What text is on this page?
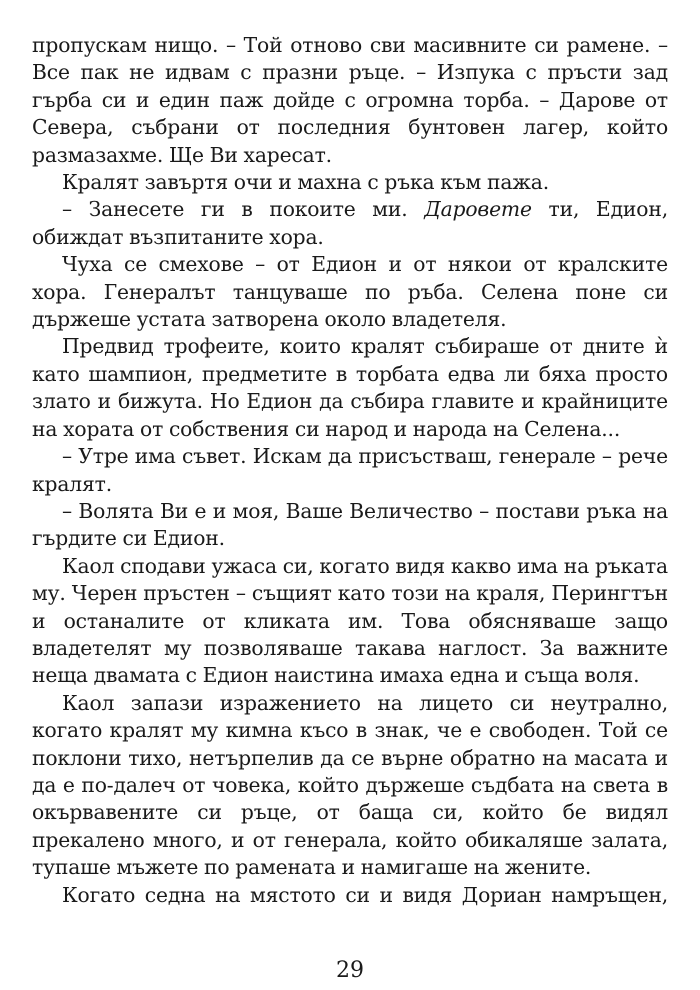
пропускам нищо. – Той отново сви масивните си рамене. – Все пак не идвам с празни ръце. – Изпука с пръсти зад гърба си и един паж дойде с огромна торба. – Дарове от Севера, събрани от последния бунтовен лагер, който размазахме. Ще Ви харесат.

Кралят завъртя очи и махна с ръка към пажа.

– Занесете ги в покоите ми. Даровете ти, Едион, обиждат възпитаните хора.

Чуха се смехове – от Едион и от някои от кралските хора. Генералът танцуваше по ръба. Селена поне си държеше устата затворена около владетеля.

Предвид трофеите, които кралят събираше от дните ѝ като шампион, предметите в торбата едва ли бяха просто злато и бижута. Но Едион да събира главите и крайниците на хората от собствения си народ и народа на Селена...

– Утре има съвет. Искам да присъстваш, генерале – рече кралят.

– Волята Ви е и моя, Ваше Величество – постави ръка на гърдите си Едион.

Каол сподави ужаса си, когато видя какво има на ръката му. Черен пръстен – същият като този на краля, Перингтън и останалите от кликата им. Това обясняваше защо владетелят му позволяваше такава наглост. За важните неща двамата с Едион наистина имаха една и съща воля.

Каол запази изражението на лицето си неутрално, когато кралят му кимна късо в знак, че е свободен. Той се поклони тихо, нетърпелив да се върне обратно на масата и да е по-далеч от човека, който държеше съдбата на света в окървавените си ръце, от баща си, който бе видял прекалено много, и от генерала, който обикаляше залата, тупаше мъжете по рамената и намигаше на жените.

Когато седна на мястото си и видя Дориан намръщен,

29
